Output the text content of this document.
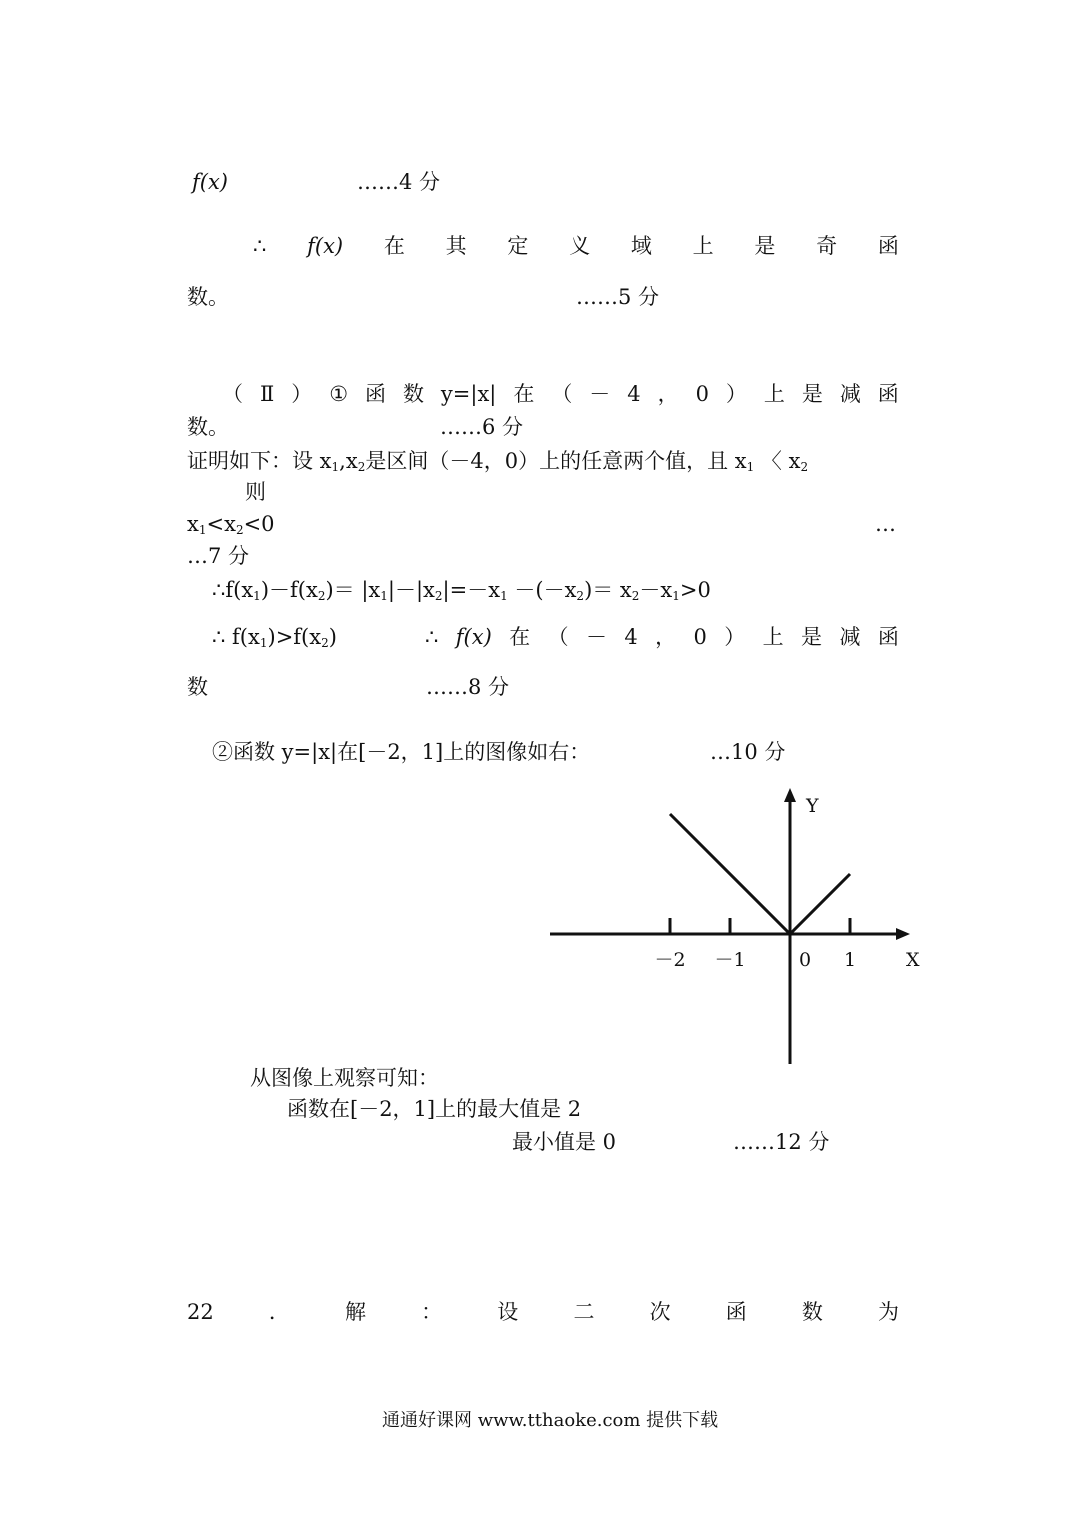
f(x)	……4 分
∴ f(x) 在 其 定 义 域 上 是 奇 函
数。	……5 分
（ Ⅱ ） ① 函 数 y=|x| 在 （ － 4 ， 0 ） 上 是 减 函
数。	……6 分
证明如下：设 $x_1,x_2$是区间（－4，0）上的任意两个值，且 $x_1$ 〈 $x_2$
则
$x_1<x_2<0$	…
…7 分
$\therefore f(x_1)-f(x_2)= |x_1|-|x_2|=-x_1 -(-x_2)= x_2-x_1>0$
∴ $f(x_1)>f(x_2)$	∴ f(x) 在 （ － 4 ， 0 ） 上 是 减 函
数	……8 分
②函数 y=|x|在[－2，1]上的图像如右：	…10 分
－2 －1	0 1
Y
X
从图像上观察可知：
函数在[－2，1]上的最大值是 2
最小值是 0	……12 分
22	．	解	：	设	二	次	函	数	为
通通好课网 www.tthaoke.com 提供下载
